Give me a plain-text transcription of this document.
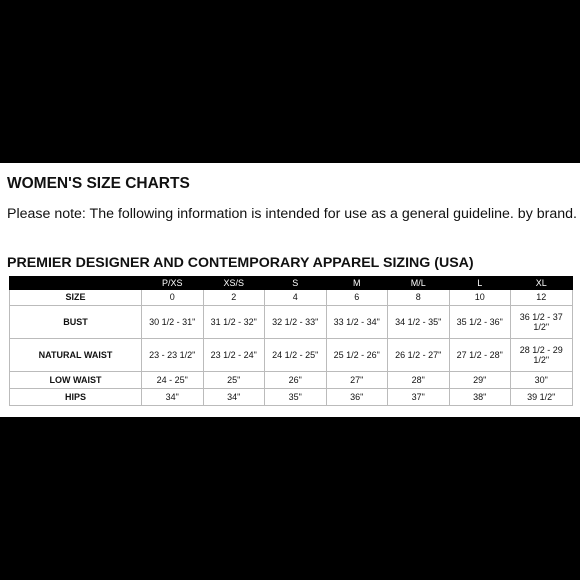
WOMEN'S SIZE CHARTS

Please note: The following information is intended for use as a general guideline. by brand.

PREMIER DESIGNER AND CONTEMPORARY APPAREL SIZING (USA)
	P/XS	XS/S	S	M	M/L	L	XL
SIZE	0	2	4	6	8	10	12
BUST	30 1/2 - 31"	31 1/2 - 32"	32 1/2 - 33"	33 1/2 - 34"	34 1/2 - 35"	35 1/2 - 36"	36 1/2 - 37 1/2"
NATURAL WAIST	23 - 23 1/2"	23 1/2 - 24"	24 1/2 - 25"	25 1/2 - 26"	26 1/2 - 27"	27 1/2 - 28"	28 1/2 - 29 1/2"
LOW WAIST	24 - 25"	25"	26"	27"	28"	29"	30"
HIPS	34"	34"	35"	36"	37"	38"	39 1/2"
